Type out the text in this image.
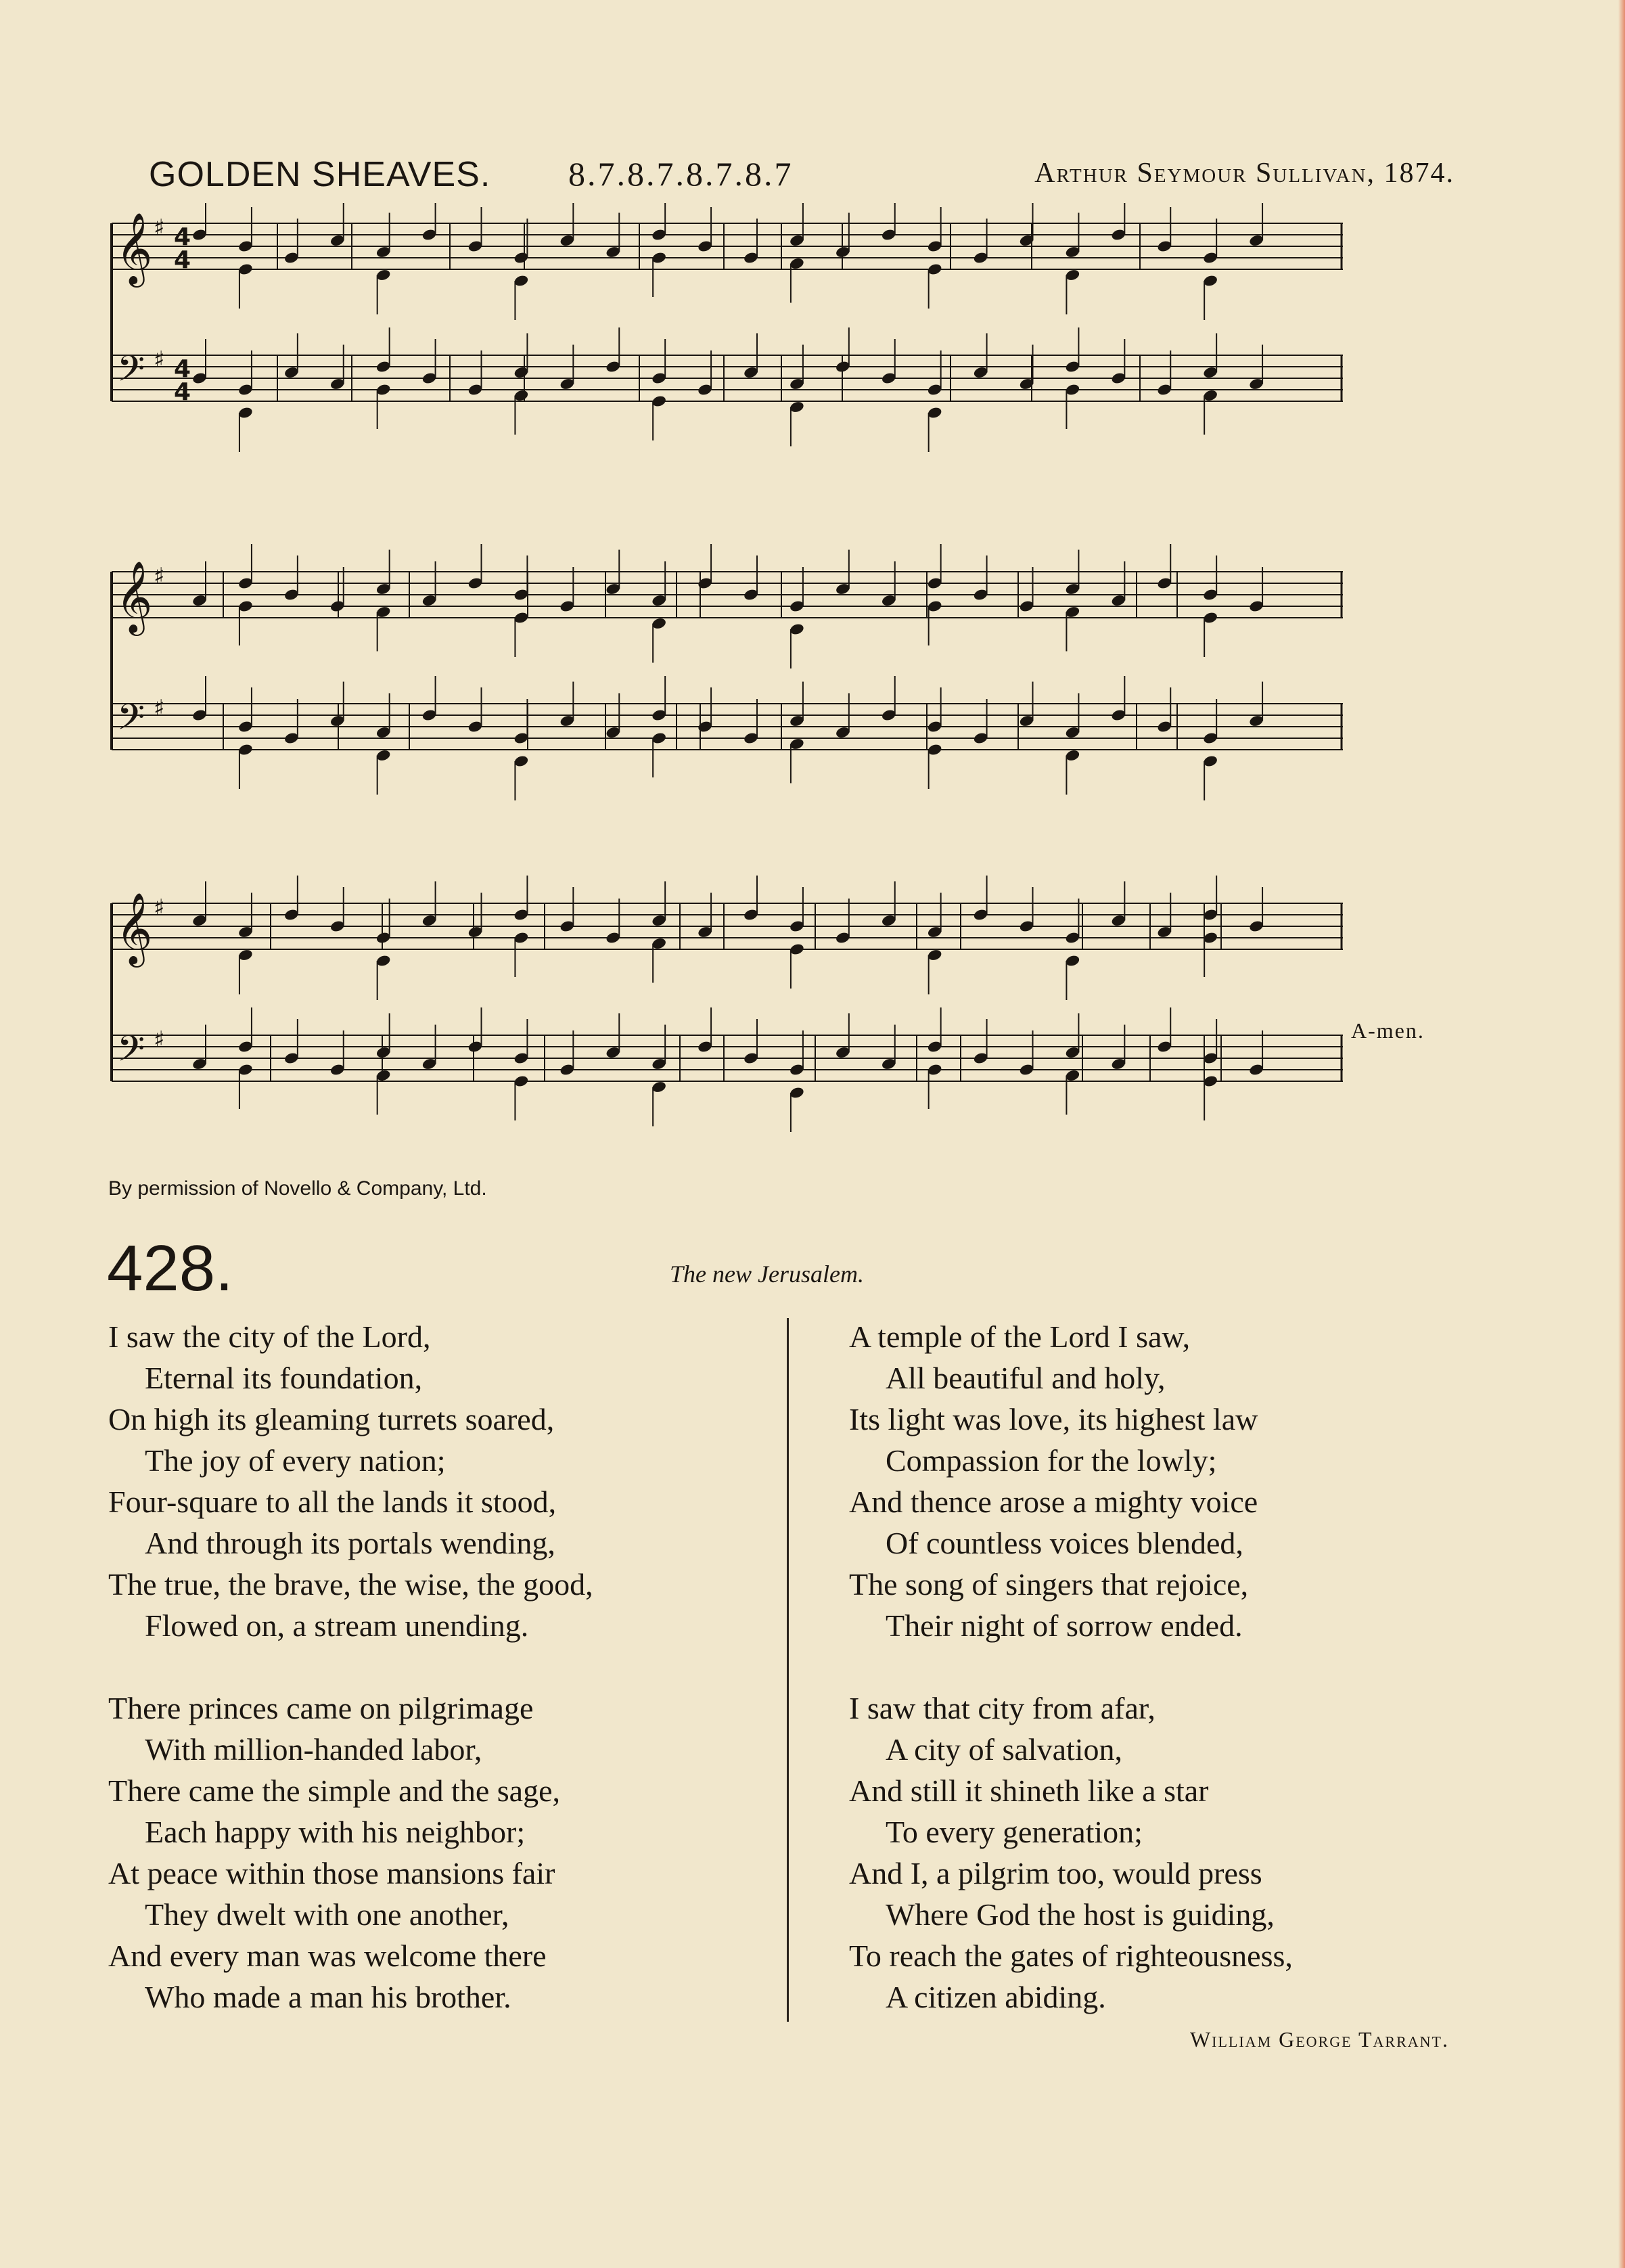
GOLDEN SHEAVES. 8.7.8.7.8.7.8.7	Arthur Seymour Sullivan, 1874.
𝄞 ♯ 4
4
𝄢 ♯ 4
4
𝄞 ♯
𝄢 ♯
𝄞 ♯
𝄢 ♯	A-men.
By permission of Novello & Company, Ltd.
428.	The new Jerusalem.
I saw the city of the Lord,
Eternal its foundation,
On high its gleaming turrets soared,
The joy of every nation;
Four-square to all the lands it stood,
And through its portals wending,
The true, the brave, the wise, the good,
Flowed on, a stream unending.
There princes came on pilgrimage
With million-handed labor,
There came the simple and the sage,
Each happy with his neighbor;
At peace within those mansions fair
They dwelt with one another,
And every man was welcome there
Who made a man his brother.
A temple of the Lord I saw,
All beautiful and holy,
Its light was love, its highest law
Compassion for the lowly;
And thence arose a mighty voice
Of countless voices blended,
The song of singers that rejoice,
Their night of sorrow ended.
I saw that city from afar,
A city of salvation,
And still it shineth like a star
To every generation;
And I, a pilgrim too, would press
Where God the host is guiding,
To reach the gates of righteousness,
A citizen abiding.
William George Tarrant.
